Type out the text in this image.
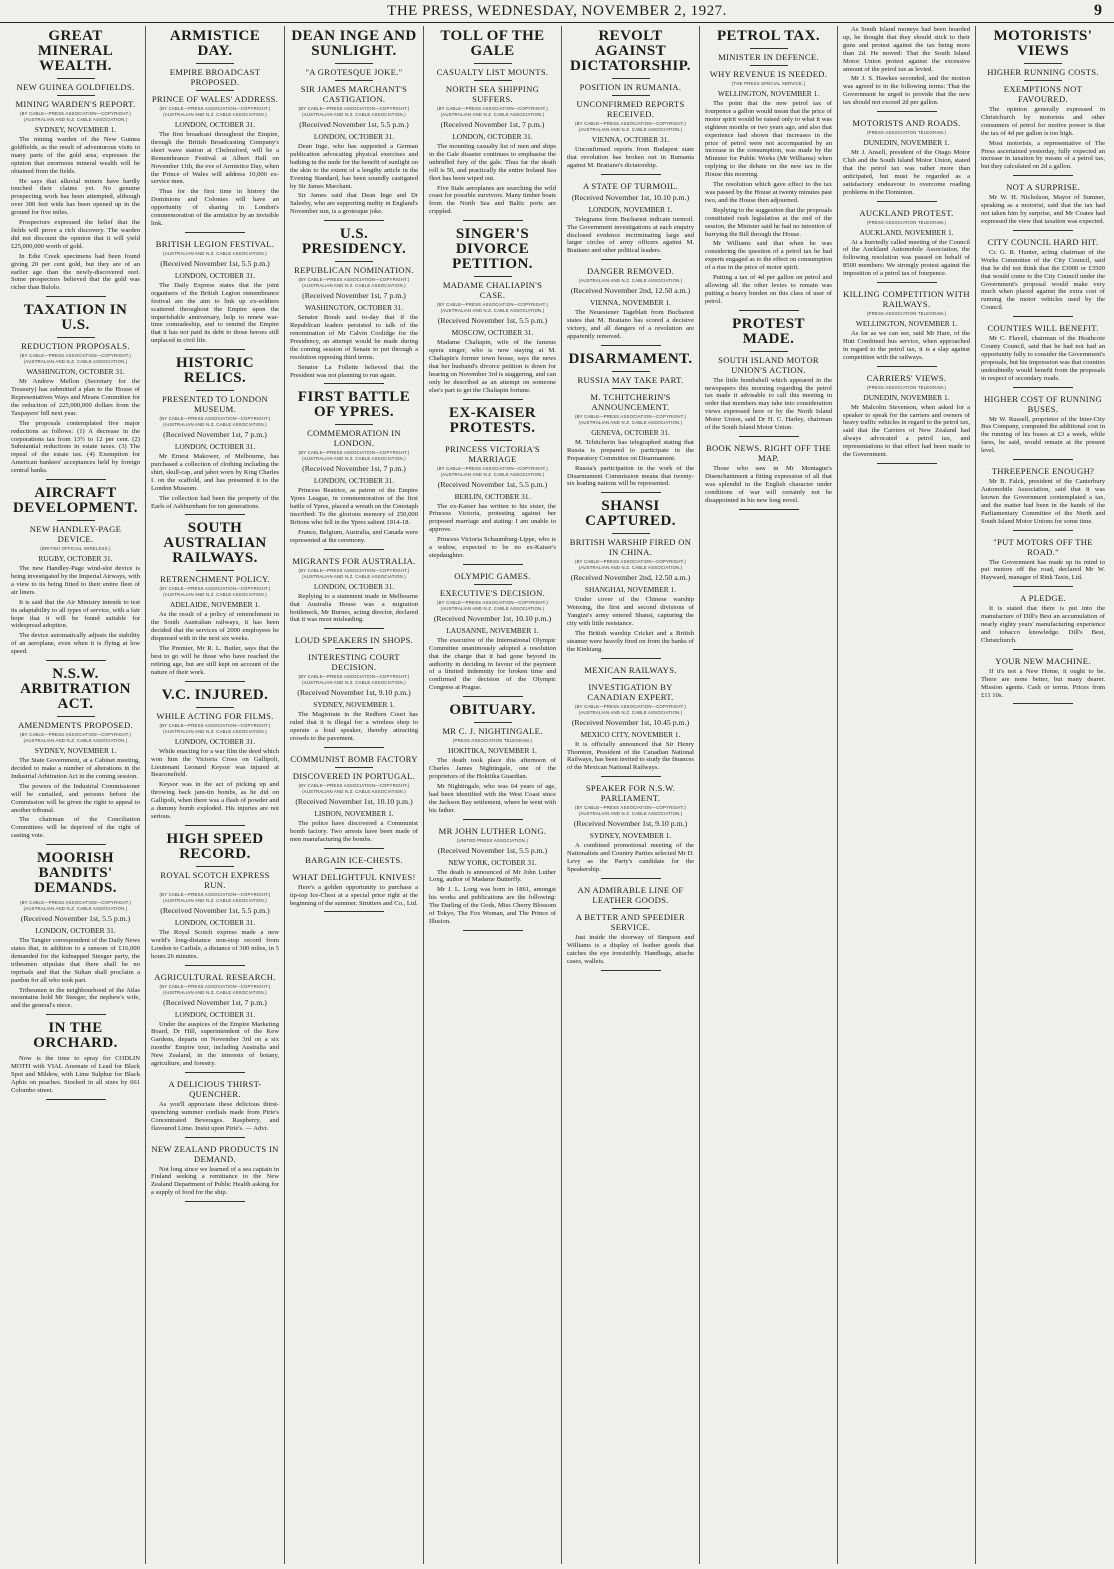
THE PRESS, WEDNESDAY, NOVEMBER 2, 1927.	9
GREAT MINERAL WEALTH.
NEW GUINEA GOLDFIELDS.
MINING WARDEN'S REPORT.
(BY CABLE—PRESS ASSOCIATION—COPYRIGHT.) (AUSTRALIAN AND N.Z. CABLE ASSOCIATION.)
SYDNEY, NOVEMBER 1.

The mining warden of the New Guinea goldfields, as the result of adventurous visits to many parts of the gold area, expresses the opinion that enormous mineral wealth will be obtained from the fields.

He says that alluvial miners have hardly touched their claims yet. No genuine prospecting work has been attempted, although over 300 feet wide has been opened up in the ground for five miles.

Prospectors expressed the belief that the fields will prove a rich discovery. The warden did not discount the opinion that it will yield £25,000,000 worth of gold.

In Edie Creek specimens had been found giving 20 per cent gold, but they are of an earlier age than the newly-discovered reef. Some prospectors believed that the gold was richer than Bulolo.

TAXATION IN U.S.
REDUCTION PROPOSALS.
(BY CABLE—PRESS ASSOCIATION—COPYRIGHT.) (AUSTRALIAN AND N.Z. CABLE ASSOCIATION.)
WASHINGTON, OCTOBER 31.

Mr Andrew Mellon (Secretary for the Treasury) has submitted a plan to the House of Representatives Ways and Means Committee for the reduction of 225,000,000 dollars from the Taxpayers' bill next year.

The proposals contemplated five major reductions as follows: (1) A decrease in the corporations tax from 13½ to 12 per cent. (2) Substantial reductions in estate taxes. (3) The repeal of the estate tax. (4) Exemption for American bankers' acceptances held by foreign central banks.

AIRCRAFT DEVELOPMENT.
NEW HANDLEY-PAGE DEVICE.
(BRITISH OFFICIAL WIRELESS.)
RUGBY, OCTOBER 31.

The new Handley-Page wind-slot device is being investigated by the Imperial Airways, with a view to its being fitted to their entire fleet of air liners.

It is said that the Air Ministry intends to test its adaptability to all types of service, with a fair hope that it will be found suitable for widespread adoption.

The device automatically adjusts the stability of an aeroplane, even when it is flying at low speed.

N.S.W. ARBITRATION ACT.
AMENDMENTS PROPOSED.
(BY CABLE—PRESS ASSOCIATION—COPYRIGHT.) (AUSTRALIAN AND N.Z. CABLE ASSOCIATION.)
SYDNEY, NOVEMBER 1.

The State Government, at a Cabinet meeting, decided to make a number of alterations in the Industrial Arbitration Act in the coming session.

The powers of the Industrial Commissioner will be curtailed, and persons before the Commission will be given the right to appeal to another tribunal.

The chairman of the Conciliation Committees will be deprived of the right of casting vote.

MOORISH BANDITS' DEMANDS.
(BY CABLE—PRESS ASSOCIATION—COPYRIGHT.) (AUSTRALIAN AND N.Z. CABLE ASSOCIATION.)
(Received November 1st, 5.5 p.m.)
LONDON, OCTOBER 31.

The Tangier correspondent of the Daily News states that, in addition to a ransom of £16,000 demanded for the kidnapped Steeger party, the tribesmen stipulate that there shall be no reprisals and that the Sultan shall proclaim a pardon for all who took part.

Tribesmen in the neighbourhood of the Atlas mountains hold Mr Steeger, the nephew's wife, and the general's niece.

IN THE ORCHARD.

Now is the time to spray for CODLIN MOTH with VIAL Arsenate of Lead for Black Spot and Mildew, with Lime Sulphur for Black Aphis on peaches. Stocked in all sizes by 661 Colombo street.

ARMISTICE DAY.
EMPIRE BROADCAST PROPOSED.
PRINCE OF WALES' ADDRESS.
(BY CABLE—PRESS ASSOCIATION—COPYRIGHT.) (AUSTRALIAN AND N.Z. CABLE ASSOCIATION.)
LONDON, OCTOBER 31.

The first broadcast throughout the Empire, through the British Broadcasting Company's short wave station at Chelmsford, will be a Remembrance Festival at Albert Hall on November 11th, the eve of Armistice Day, when the Prince of Wales will address 10,000 ex-service men.

Thus for the first time in history the Dominions and Colonies will have an opportunity of sharing in London's commemoration of the armistice by an invisible link.

BRITISH LEGION FESTIVAL.
(AUSTRALIAN AND N.Z. CABLE ASSOCIATION.)
(Received November 1st, 5.5 p.m.)
LONDON, OCTOBER 31.

The Daily Express states that the joint organisers of the British Legion remembrance festival are the aim to link up ex-soldiers scattered throughout the Empire upon the imperishable anniversary, help to renew war-time comradeship, and to remind the Empire that it has not paid its debt to those heroes still unplaced in civil life.

HISTORIC RELICS.
PRESENTED TO LONDON MUSEUM.
(BY CABLE—PRESS ASSOCIATION—COPYRIGHT.) (AUSTRALIAN AND N.Z. CABLE ASSOCIATION.)
(Received November 1st, 7 p.m.)
LONDON, OCTOBER 31.

Mr Ernest Makower, of Melbourne, has purchased a collection of clothing including the shirt, skull-cap, and jabot worn by King Charles I. on the scaffold, and has presented it to the London Museum.

The collection had been the property of the Earls of Ashburnham for ten generations.

SOUTH AUSTRALIAN RAILWAYS.
RETRENCHMENT POLICY.
(BY CABLE—PRESS ASSOCIATION—COPYRIGHT.) (AUSTRALIAN AND N.Z. CABLE ASSOCIATION.)
ADELAIDE, NOVEMBER 1.

As the result of a policy of retrenchment in the South Australian railways, it has been decided that the services of 2000 employees be dispensed with in the next six weeks.

The Premier, Mr R. L. Butler, says that the best to go will be those who have reached the retiring age, but are still kept on account of the nature of their work.

V.C. INJURED.
WHILE ACTING FOR FILMS.
(BY CABLE—PRESS ASSOCIATION—COPYRIGHT.) (AUSTRALIAN AND N.Z. CABLE ASSOCIATION.)
LONDON, OCTOBER 31.

While enacting for a war film the deed which won him the Victoria Cross on Gallipoli, Lieutenant Leonard Keysor was injured at Beaconsfield.

Keysor was in the act of picking up and throwing back jam-tin bombs, as he did on Gallipoli, when there was a flash of powder and a dummy bomb exploded. His injuries are not serious.

HIGH SPEED RECORD.
ROYAL SCOTCH EXPRESS RUN.
(BY CABLE—PRESS ASSOCIATION—COPYRIGHT.) (AUSTRALIAN AND N.Z. CABLE ASSOCIATION.)
(Received November 1st, 5.5 p.m.)
LONDON, OCTOBER 31.

The Royal Scotch express made a new world's long-distance non-stop record from London to Carlisle, a distance of 300 miles, in 5 hours 26 minutes.

AGRICULTURAL RESEARCH.
(BY CABLE—PRESS ASSOCIATION—COPYRIGHT.) (AUSTRALIAN AND N.Z. CABLE ASSOCIATION.)
(Received November 1st, 7 p.m.)
LONDON, OCTOBER 31.

Under the auspices of the Empire Marketing Board, Dr Hill, superintendent of the Kew Gardens, departs on November 3rd on a six months' Empire tour, including Australia and New Zealand, in the interests of botany, agriculture, and forestry.

A DELICIOUS THIRST-QUENCHER.

As you'll appreciate these delicious thirst-quenching summer cordials made from Pirie's Concentrated Beverages. Raspberry, and flavoured Lime. Insist upon Pirie's. — Advt.

NEW ZEALAND PRODUCTS IN DEMAND.

Not long since we learned of a sea captain in Finland seeking a remittance to the New Zealand Department of Public Health asking for a supply of food for the ship.

DEAN INGE AND SUNLIGHT.
"A GROTESQUE JOKE."
SIR JAMES MARCHANT'S CASTIGATION.
(BY CABLE—PRESS ASSOCIATION—COPYRIGHT.) (AUSTRALIAN AND N.Z. CABLE ASSOCIATION.)
(Received November 1st, 5.5 p.m.)
LONDON, OCTOBER 31.

Dean Inge, who has supported a German publication advocating physical exercises and bathing in the nude for the benefit of sunlight on the skin to the extent of a lengthy article in the Evening Standard, has been soundly castigated by Sir James Marchant.

Sir James said that Dean Inge and Dr Saleeby, who are supporting nudity in England's November sun, is a grotesque joke.

U.S. PRESIDENCY.
REPUBLICAN NOMINATION.
(BY CABLE—PRESS ASSOCIATION—COPYRIGHT.) (AUSTRALIAN AND N.Z. CABLE ASSOCIATION.)
(Received November 1st, 7 p.m.)
WASHINGTON, OCTOBER 31.

Senator Borah said to-day that if the Republican leaders persisted to talk of the renomination of Mr Calvin Coolidge for the Presidency, an attempt would be made during the coming session of Senate to put through a resolution opposing third terms.

Senator La Follette believed that the President was not planning to run again.

FIRST BATTLE OF YPRES.
COMMEMORATION IN LONDON.
(BY CABLE—PRESS ASSOCIATION—COPYRIGHT.) (AUSTRALIAN AND N.Z. CABLE ASSOCIATION.)
(Received November 1st, 7 p.m.)
LONDON, OCTOBER 31.

Princess Beatrice, as patron of the Empire Ypres League, in commemoration of the first battle of Ypres, placed a wreath on the Cenotaph inscribed: To the glorious memory of 250,000 Britons who fell in the Ypres salient 1914-18.

France, Belgium, Australia, and Canada were represented at the ceremony.

MIGRANTS FOR AUSTRALIA.
(BY CABLE—PRESS ASSOCIATION—COPYRIGHT.) (AUSTRALIAN AND N.Z. CABLE ASSOCIATION.)
LONDON, OCTOBER 31.

Replying to a statement made in Melbourne that Australia House was a migration bottleneck, Mr Burnes, acting director, declared that it was most misleading.

LOUD SPEAKERS IN SHOPS.
INTERESTING COURT DECISION.
(BY CABLE—PRESS ASSOCIATION—COPYRIGHT.) (AUSTRALIAN AND N.Z. CABLE ASSOCIATION.)
(Received November 1st, 9.10 p.m.)
SYDNEY, NOVEMBER 1.

The Magistrate in the Redfern Court has ruled that it is illegal for a wireless shop to operate a loud speaker, thereby attracting crowds to the pavement.

COMMUNIST BOMB FACTORY
DISCOVERED IN PORTUGAL.
(BY CABLE—PRESS ASSOCIATION—COPYRIGHT.) (AUSTRALIAN AND N.Z. CABLE ASSOCIATION.)
(Received November 1st, 10.10 p.m.)
LISBON, NOVEMBER 1.

The police have discovered a Communist bomb factory. Two arrests have been made of men manufacturing the bombs.

BARGAIN ICE-CHESTS.
WHAT DELIGHTFUL KNIVES!

Here's a golden opportunity to purchase a tip-top Ice-Chest at a special price right at the beginning of the summer. Strutters and Co., Ltd.

TOLL OF THE GALE
CASUALTY LIST MOUNTS.
NORTH SEA SHIPPING SUFFERS.
(BY CABLE—PRESS ASSOCIATION—COPYRIGHT.) (AUSTRALIAN AND N.Z. CABLE ASSOCIATION.)
(Received November 1st, 7 p.m.)
LONDON, OCTOBER 31.

The mounting casualty list of men and ships in the Gale disaster continues to emphasise the unbridled fury of the gale. Thus far the death roll is 50, and practically the entire Ireland Sea fleet has been wiped out.

Five Stale aeroplanes are searching the wild coast for possible survivors. Many timber boats from the North Sea and Baltic ports are crippled.

SINGER'S DIVORCE PETITION.
MADAME CHALIAPIN'S CASE.
(BY CABLE—PRESS ASSOCIATION—COPYRIGHT.) (AUSTRALIAN AND N.Z. CABLE ASSOCIATION.)
(Received November 1st, 5.5 p.m.)
MOSCOW, OCTOBER 31.

Madame Chaliapin, wife of the famous opera singer, who is now staying at M. Chaliapin's former town house, says the news that her husband's divorce petition is down for hearing on November 3rd is staggering, and can only be described as an attempt on someone else's part to get the Chaliapin fortune.

EX-KAISER PROTESTS.
PRINCESS VICTORIA'S MARRIAGE
(BY CABLE—PRESS ASSOCIATION—COPYRIGHT.) (AUSTRALIAN AND N.Z. CABLE ASSOCIATION.)
(Received November 1st, 5.5 p.m.)
BERLIN, OCTOBER 31.

The ex-Kaiser has written to his sister, the Princess Victoria, protesting against her proposed marriage and stating: I am unable to approve.

Princess Victoria Schaumburg-Lippe, who is a widow, expected to be no ex-Kaiser's stepdaughter.

OLYMPIC GAMES.
EXECUTIVE'S DECISION.
(BY CABLE—PRESS ASSOCIATION—COPYRIGHT.) (AUSTRALIAN AND N.Z. CABLE ASSOCIATION.)
(Received November 1st, 10.10 p.m.)
LAUSANNE, NOVEMBER 1.

The executive of the International Olympic Committee unanimously adopted a resolution that the charge that it had gone beyond its authority in deciding in favour of the payment of a limited indemnity for broken time and confirmed the decision of the Olympic Congress at Prague.

OBITUARY.
MR C. J. NIGHTINGALE.
(PRESS ASSOCIATION TELEGRAM.)
HOKITIKA, NOVEMBER 1.

The death took place this afternoon of Charles James Nightingale, one of the proprietors of the Hokitika Guardian.

Mr Nightingale, who was 64 years of age, had been identified with the West Coast since the Jackson Bay settlement, where he went with his father.

MR JOHN LUTHER LONG.
(UNITED PRESS ASSOCIATION.)
(Received November 1st, 5.5 p.m.)
NEW YORK, OCTOBER 31.

The death is announced of Mr John Luther Long, author of Madame Butterfly.

Mr J. L. Long was born in 1861, amongst his works and publications are the following: The Darling of the Gods, Miss Cherry Blossom of Tokyo, The Fox Woman, and The Prince of Illusion.

REVOLT AGAINST DICTATORSHIP.
POSITION IN RUMANIA.
UNCONFIRMED REPORTS RECEIVED.
(BY CABLE—PRESS ASSOCIATION—COPYRIGHT.) (AUSTRALIAN AND N.Z. CABLE ASSOCIATION.)
VIENNA, OCTOBER 31.

Unconfirmed reports from Budapest state that revolution has broken out in Rumania against M. Bratiano's dictatorship.

A STATE OF TURMOIL.
(Received November 1st, 10.10 p.m.)
LONDON, NOVEMBER 1.

Telegrams from Bucharest indicate turmoil. The Government investigations at each enquiry disclosed evidence incriminating large and larger circles of army officers against M. Bratiano and other political leaders.

DANGER REMOVED.
(AUSTRALIAN AND N.Z. CABLE ASSOCIATION.)
(Received November 2nd, 12.50 a.m.)
VIENNA, NOVEMBER 1.

The Neuesiener Tageblatt from Bucharest states that M. Bratiano has scored a decisive victory, and all dangers of a revolution are apparently removed.

DISARMAMENT.
RUSSIA MAY TAKE PART.
M. TCHITCHERIN'S ANNOUNCEMENT.
(BY CABLE—PRESS ASSOCIATION—COPYRIGHT.) (AUSTRALIAN AND N.Z. CABLE ASSOCIATION.)
GENEVA, OCTOBER 31.

M. Tchitcherin has telegraphed stating that Russia is prepared to participate in the Preparatory Committee on Disarmament.

Russia's participation in the work of the Disarmament Commission means that twenty-six leading nations will be represented.

SHANSI CAPTURED.
BRITISH WARSHIP FIRED ON IN CHINA.
(BY CABLE—PRESS ASSOCIATION—COPYRIGHT.) (AUSTRALIAN AND N.Z. CABLE ASSOCIATION.)
(Received November 2nd, 12.50 a.m.)
SHANGHAI, NOVEMBER 1.

Under cover of the Chinese warship Wenxing, the first and second divisions of Yangtze's army entered Shansi, capturing the city with little resistance.

The British warship Cricket and a British steamer were heavily fired on from the banks of the Kinkiang.

MEXICAN RAILWAYS.
INVESTIGATION BY CANADIAN EXPERT.
(BY CABLE—PRESS ASSOCIATION—COPYRIGHT.) (AUSTRALIAN AND N.Z. CABLE ASSOCIATION.)
(Received November 1st, 10.45 p.m.)
MEXICO CITY, NOVEMBER 1.

It is officially announced that Sir Henry Thornton, President of the Canadian National Railways, has been invited to study the finances of the Mexican National Railways.

SPEAKER FOR N.S.W. PARLIAMENT.
(BY CABLE—PRESS ASSOCIATION—COPYRIGHT.) (AUSTRALIAN AND N.Z. CABLE ASSOCIATION.)
(Received November 1st, 9.10 p.m.)
SYDNEY, NOVEMBER 1.

A combined promotional meeting of the Nationalists and Country Parties selected Mr D. Levy as the Party's candidate for the Speakership.

AN ADMIRABLE LINE OF LEATHER GOODS.
A BETTER AND SPEEDIER SERVICE.

Just inside the doorway of Simpson and Williams is a display of leather goods that catches the eye irresistibly. Handbags, attache cases, wallets.

PETROL TAX.
MINISTER IN DEFENCE.
WHY REVENUE IS NEEDED.
[THE PRESS SPECIAL SERVICE.]
WELLINGTON, NOVEMBER 1.

The point that the new petrol tax of fourpence a gallon would mean that the price of motor spirit would be raised only to what it was eighteen months or two years ago, and also that experience had shown that increases in the price of petrol were not accompanied by an increase in the consumption, was made by the Minister for Public Works (Mr Williams) when replying to the debate on the new tax in the House this morning.

The resolution which gave effect to the tax was passed by the House at twenty minutes past two, and the House then adjourned.

Replying to the suggestion that the proposals constituted rush legislation at the end of the session, the Minister said he had no intention of hurrying the Bill through the House.

Mr Williams said that when he was considering the question of a petrol tax he had experts engaged as to the effect on consumption of a rise in the price of motor spirit.

Putting a tax of 4d per gallon on petrol and allowing all the other levies to remain was putting a heavy burden on this class of user of petrol.

PROTEST MADE.
SOUTH ISLAND MOTOR UNION'S ACTION.

The little bombshell which appeared in the newspapers this morning regarding the petrol tax made it advisable to call this meeting in order that members may take into consideration views expressed here or by the North Island Motor Union, said Dr H. C. Harley, chairman of the South Island Motor Union.

BOOK NEWS. RIGHT OFF THE MAP.

Those who saw in Mr Montague's Disenchantment a fitting expression of all that was splendid in the English character under conditions of war will certainly not be disappointed in his new long novel.

As South Island moneys had been hoarded up, he thought that they should stick to their guns and protest against the tax being more than 2d. He moved: That the South Island Motor Union protest against the excessive amount of the petrol tax as levied.

Mr J. S. Hawkes seconded, and the motion was agreed to in the following terms: That the Government be urged to provide that the new tax should not exceed 2d per gallon.

MOTORISTS AND ROADS.
(PRESS ASSOCIATION TELEGRAM.)
DUNEDIN, NOVEMBER 1.

Mr J. Ansell, president of the Otago Motor Club and the South Island Motor Union, stated that the petrol tax was rather more than anticipated, but must be regarded as a satisfactory endeavour to overcome roading problems in the Dominion.

AUCKLAND PROTEST.
(PRESS ASSOCIATION TELEGRAM.)
AUCKLAND, NOVEMBER 1.

At a hurriedly called meeting of the Council of the Auckland Automobile Association, the following resolution was passed on behalf of 8500 members: We strongly protest against the imposition of a petrol tax of fourpence.

KILLING COMPETITION WITH RAILWAYS.
(PRESS ASSOCIATION TELEGRAM.)
WELLINGTON, NOVEMBER 1.

As far as we can see, said Mr Hare, of the Hutt Combined bus service, when approached in regard to the petrol tax, it is a slap against competition with the railways.

CARRIERS' VIEWS.
(PRESS ASSOCIATION TELEGRAM.)
DUNEDIN, NOVEMBER 1.

Mr Malcolm Stevenson, when asked for a speaker to speak for the carriers and owners of heavy traffic vehicles in regard to the petrol tax, said that the Carriers of New Zealand had always advocated a petrol tax, and representations to that effect had been made to the Government.

MOTORISTS' VIEWS
HIGHER RUNNING COSTS.
EXEMPTIONS NOT FAVOURED.

The opinion generally expressed in Christchurch by motorists and other consumers of petrol for motive power is that the tax of 4d per gallon is too high.

Most motorists, a representative of The Press ascertained yesterday, fully expected an increase in taxation by means of a petrol tax, but they calculated on 2d a gallon.

NOT A SURPRISE.

Mr W. H. Nicholson, Mayor of Sumner, speaking as a motorist, said that the tax had not taken him by surprise, and Mr Coates had expressed the view that taxation was expected.

CITY COUNCIL HARD HIT.

Cr. G. R. Hunter, acting chairman of the Works Committee of the City Council, said that he did not think that the £3000 or £3500 that would come to the City Council under the Government's proposal would make very much when placed against the extra cost of running the motor vehicles used by the Council.

COUNTIES WILL BENEFIT.

Mr C. Flavell, chairman of the Heathcote County Council, said that he had not had an opportunity fully to consider the Government's proposals, but his impression was that counties undoubtedly would benefit from the proposals in respect of secondary roads.

HIGHER COST OF RUNNING BUSES.

Mr W. Russell, proprietor of the Inter-City Bus Company, computed the additional cost in the running of his buses at £3 a week, while fares, he said, would remain at the present level.

THREEPENCE ENOUGH?

Mr B. Falck, president of the Canterbury Automobile Association, said that it was known the Government contemplated a tax, and the matter had been in the hands of the Parliamentary Committee of the North and South Island Motor Unions for some time.

"PUT MOTORS OFF THE ROAD."

The Government has made up its mind to put motors off the road, declared Mr W. Hayward, manager of Rink Taxis, Ltd.

A PLEDGE.

It is stated that there is put into the manufacture of Dill's Best an accumulation of nearly eighty years' manufacturing experience and tobacco knowledge. Dill's Best, Christchurch.

YOUR NEW MACHINE.

If it's not a New Home, it ought to be. There are none better, but many dearer. Mission agents. Cash or terms. Prices from £11 10s.
